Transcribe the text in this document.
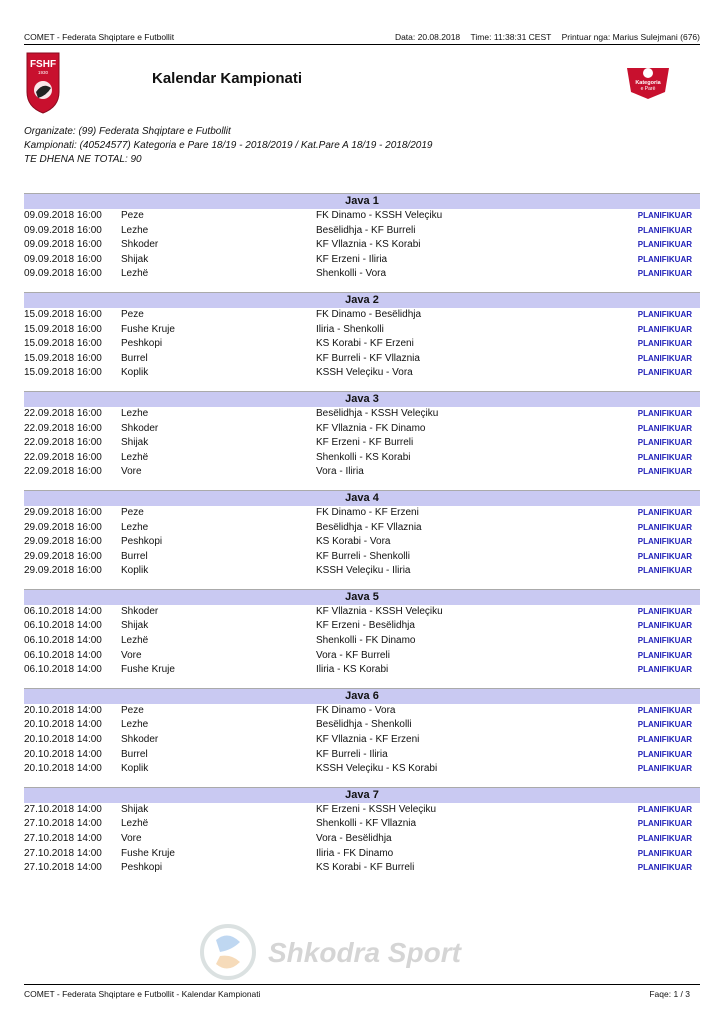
COMET - Federata Shqiptare e Futbollit	Data: 20.08.2018 Time: 11:38:31 CEST Printuar nga: Marius Sulejmani (676)
FSHF
1930	Kalendar Kampionati	Kategoria
e Parë
Organizate: (99) Federata Shqiptare e Futbollit
Kampionati: (40524577) Kategoria e Pare 18/19 - 2018/2019 / Kat.Pare A 18/19 - 2018/2019
TE DHENA NE TOTAL: 90
Java 1
09.09.2018 16:00 Peze	FK Dinamo - KSSH Veleçiku	PLANIFIKUAR
09.09.2018 16:00 Lezhe	Besëlidhja - KF Burreli	PLANIFIKUAR
09.09.2018 16:00 Shkoder	KF Vllaznia - KS Korabi	PLANIFIKUAR
09.09.2018 16:00 Shijak	KF Erzeni - Iliria	PLANIFIKUAR
09.09.2018 16:00 Lezhë	Shenkolli - Vora	PLANIFIKUAR
Java 2
15.09.2018 16:00 Peze	FK Dinamo - Besëlidhja	PLANIFIKUAR
15.09.2018 16:00 Fushe Kruje	Iliria - Shenkolli	PLANIFIKUAR
15.09.2018 16:00 Peshkopi	KS Korabi - KF Erzeni	PLANIFIKUAR
15.09.2018 16:00 Burrel	KF Burreli - KF Vllaznia	PLANIFIKUAR
15.09.2018 16:00 Koplik	KSSH Veleçiku - Vora	PLANIFIKUAR
Java 3
22.09.2018 16:00 Lezhe	Besëlidhja - KSSH Veleçiku	PLANIFIKUAR
22.09.2018 16:00 Shkoder	KF Vllaznia - FK Dinamo	PLANIFIKUAR
22.09.2018 16:00 Shijak	KF Erzeni - KF Burreli	PLANIFIKUAR
22.09.2018 16:00 Lezhë	Shenkolli - KS Korabi	PLANIFIKUAR
22.09.2018 16:00 Vore	Vora - Iliria	PLANIFIKUAR
Java 4
29.09.2018 16:00 Peze	FK Dinamo - KF Erzeni	PLANIFIKUAR
29.09.2018 16:00 Lezhe	Besëlidhja - KF Vllaznia	PLANIFIKUAR
29.09.2018 16:00 Peshkopi	KS Korabi - Vora	PLANIFIKUAR
29.09.2018 16:00 Burrel	KF Burreli - Shenkolli	PLANIFIKUAR
29.09.2018 16:00 Koplik	KSSH Veleçiku - Iliria	PLANIFIKUAR
Java 5
06.10.2018 14:00 Shkoder	KF Vllaznia - KSSH Veleçiku	PLANIFIKUAR
06.10.2018 14:00 Shijak	KF Erzeni - Besëlidhja	PLANIFIKUAR
06.10.2018 14:00 Lezhë	Shenkolli - FK Dinamo	PLANIFIKUAR
06.10.2018 14:00 Vore	Vora - KF Burreli	PLANIFIKUAR
06.10.2018 14:00 Fushe Kruje	Iliria - KS Korabi	PLANIFIKUAR
Java 6
20.10.2018 14:00 Peze	FK Dinamo - Vora	PLANIFIKUAR
20.10.2018 14:00 Lezhe	Besëlidhja - Shenkolli	PLANIFIKUAR
20.10.2018 14:00 Shkoder	KF Vllaznia - KF Erzeni	PLANIFIKUAR
20.10.2018 14:00 Burrel	KF Burreli - Iliria	PLANIFIKUAR
20.10.2018 14:00 Koplik	KSSH Veleçiku - KS Korabi	PLANIFIKUAR
Java 7
27.10.2018 14:00 Shijak	KF Erzeni - KSSH Veleçiku	PLANIFIKUAR
27.10.2018 14:00 Lezhë	Shenkolli - KF Vllaznia	PLANIFIKUAR
27.10.2018 14:00 Vore	Vora - Besëlidhja	PLANIFIKUAR
27.10.2018 14:00 Fushe Kruje	Iliria - FK Dinamo	PLANIFIKUAR
27.10.2018 14:00 Peshkopi	KS Korabi - KF Burreli	PLANIFIKUAR
Shkodra Sport
COMET - Federata Shqiptare e Futbollit - Kalendar Kampionati	Faqe: 1 / 3
